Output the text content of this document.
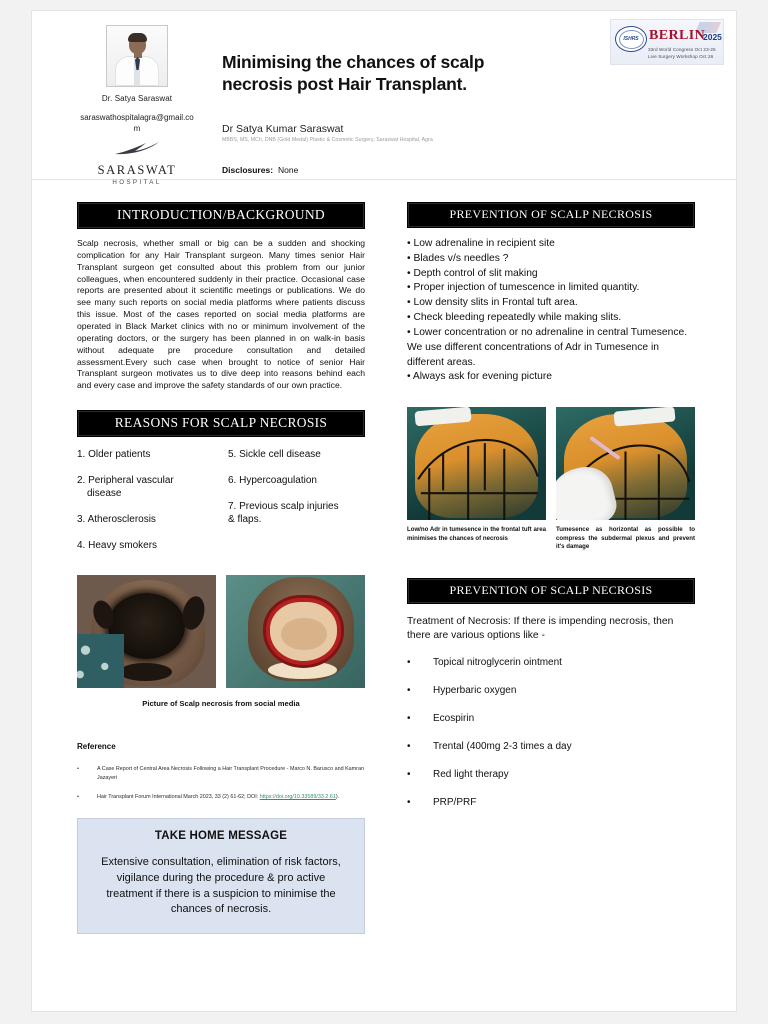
Dr. Satya Saraswat
saraswathospitalagra@gmail.com
SARASWAT
HOSPITAL
Minimising the chances of scalp necrosis post Hair Transplant.
Dr Satya Kumar Saraswat
MBBS, MS, MCh, DNB (Gold Medal) Plastic & Cosmetic Surgery, Saraswat Hospital, Agra
Disclosures: None
ISHRS BERLIN
2025
33rd World Congress Oct 23-25
Live Surgery Workshop Oct 26
INTRODUCTION/BACKGROUND
Scalp necrosis, whether small or big can be a sudden and shocking complication for any Hair Transplant surgeon. Many times senior Hair Transplant surgeon get consulted about this problem from our junior colleagues, when encountered suddenly in their practice. Occasional case reports are presented about it scientific meetings or publications. We do see many such reports on social media platforms where patients discuss this issue. Most of the cases reported on social media platforms are operated in Black Market clinics with no or minimum involvement of the operating doctors, or the surgery has been planned in on walk-in basis without adequate pre procedure consultation and detailed assessment.Every such case when brought to notice of senior Hair Transplant surgeon motivates us to dive deep into reasons behind each and every case and improve the safety standards of our own practice.
REASONS FOR SCALP NECROSIS
1. Older patients
2. Peripheral vascular
disease
3. Atherosclerosis
4. Heavy smokers
5. Sickle cell disease
6. Hypercoagulation
7. Previous scalp injuries
& flaps.
Picture of Scalp necrosis from social media
Reference
•	A Case Report of Central Area Necrosis Following a Hair Transplant Procedure - Marco N. Barusco and Kamran Jazayeri
•	Hair Transplant Forum International March 2023, 33 (2) 61-62; DOI: https://doi.org/10.33589/33.2.61).
TAKE HOME MESSAGE
Extensive consultation, elimination of risk factors, vigilance during the procedure & pro active treatment if there is a suspicion to minimise the chances of necrosis.
PREVENTION OF SCALP NECROSIS
• Low adrenaline in recipient site
• Blades v/s needles ?
• Depth control of slit making
• Proper injection of tumescence in limited quantity.
• Low density slits in Frontal tuft area.
• Check bleeding repeatedly while making slits.
• Lower concentration or no adrenaline in central Tumesence. We use different concentrations of Adr in Tumesence in different areas.
• Always ask for evening picture
Low/no Adr in tumesence in the frontal tuft area minimises the chances of necrosis
Tumesence as horizontal as possible to compress the subdermal plexus and prevent it's damage
PREVENTION OF SCALP NECROSIS
Treatment of Necrosis: If there is impending necrosis, then there are various options like -
•	Topical nitroglycerin ointment
•	Hyperbaric oxygen
•	Ecospirin
•	Trental (400mg 2-3 times a day
•	Red light therapy
•	PRP/PRF
